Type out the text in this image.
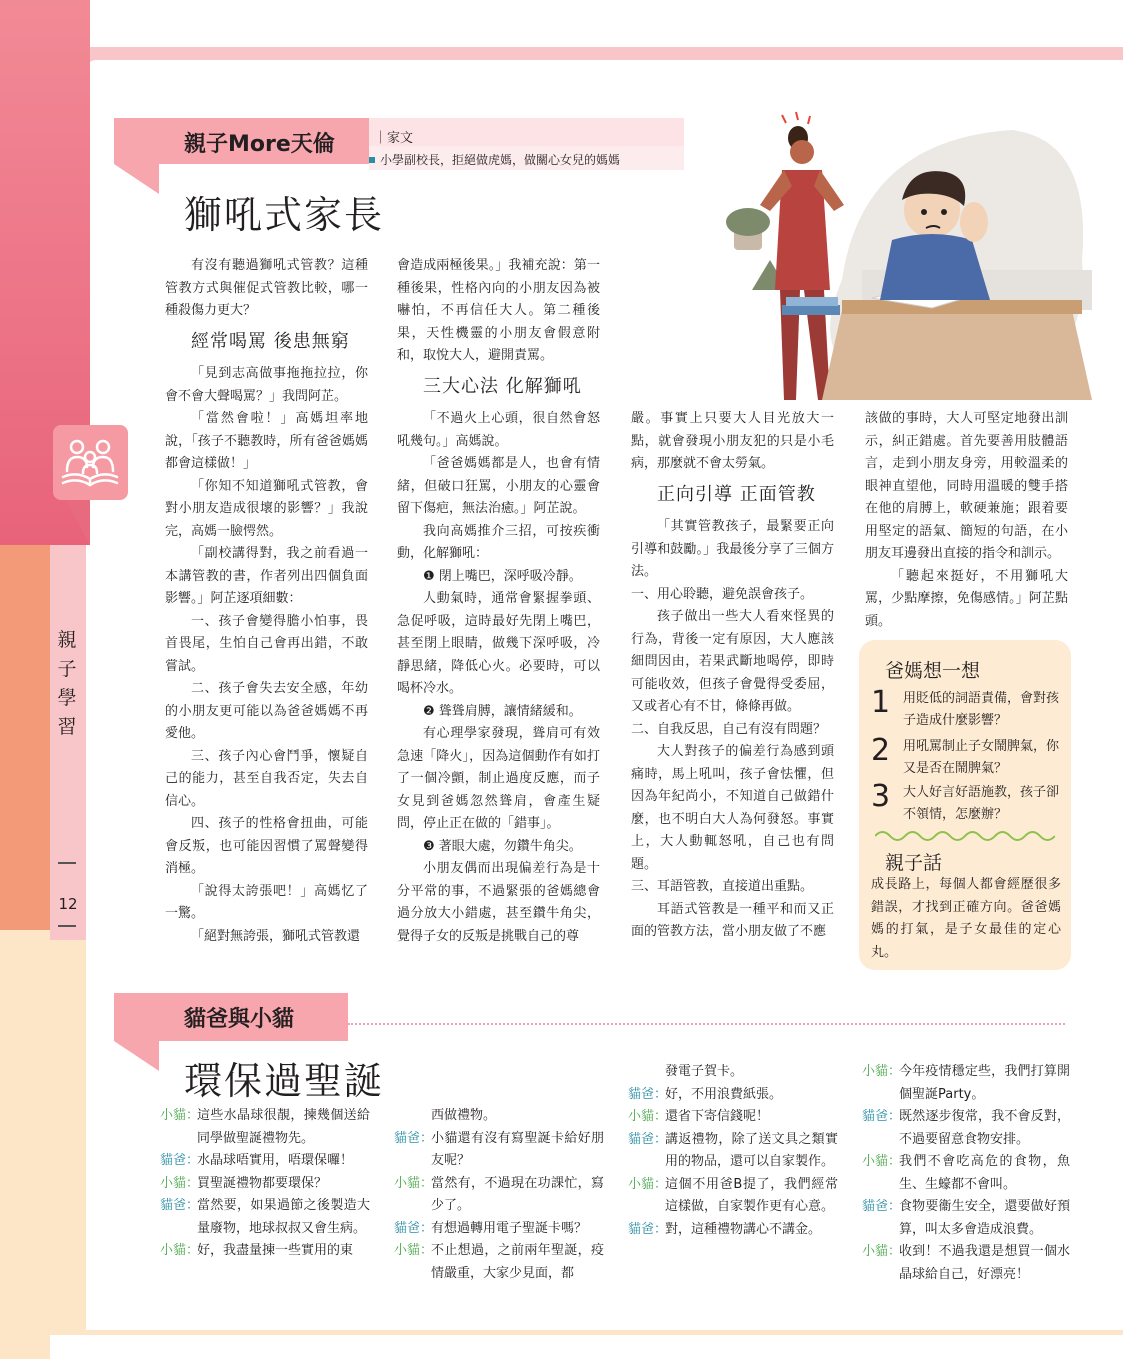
親
子
學
習
12
親子More天倫	｜家文
小學副校長，拒絕做虎媽，做關心女兒的媽媽
獅吼式家長

有沒有聽過獅吼式管教？這種管教方式與催促式管教比較，哪一種殺傷力更大？

經常喝罵 後患無窮

「見到志高做事拖拖拉拉，你會不會大聲喝罵？」我問阿芷。

「當然會啦！」高媽坦率地說，「孩子不聽教時，所有爸爸媽媽都會這樣做！」

「你知不知道獅吼式管教，會對小朋友造成很壞的影響？」我說完，高媽一臉愕然。

「副校講得對，我之前看過一本講管教的書，作者列出四個負面影響。」阿芷逐項細數：

一、孩子會變得膽小怕事，畏首畏尾，生怕自己會再出錯，不敢嘗試。

二、孩子會失去安全感，年幼的小朋友更可能以為爸爸媽媽不再愛他。

三、孩子內心會鬥爭，懷疑自己的能力，甚至自我否定，失去自信心。

四、孩子的性格會扭曲，可能會反叛，也可能因習慣了罵聲變得消極。

「說得太誇張吧！」高媽忆了一驚。

「絕對無誇張，獅吼式管教還

會造成兩極後果。」我補充說：第一種後果，性格內向的小朋友因為被嚇怕，不再信任大人。第二種後果，天性機靈的小朋友會假意附和，取悅大人，避開責罵。

三大心法 化解獅吼

「不過火上心頭，很自然會怒吼幾句。」高媽說。

「爸爸媽媽都是人，也會有情緒，但破口狂罵，小朋友的心靈會留下傷疤，無法治癒。」阿芷說。

我向高媽推介三招，可按疾衝動，化解獅吼：

❶ 閉上嘴巴，深呼吸冷靜。

人動氣時，通常會緊握拳頭、急促呼吸，這時最好先閉上嘴巴，甚至閉上眼睛，做幾下深呼吸，冷靜思緒，降低心火。必要時，可以喝杯冷水。

❷ 聳聳肩膊，讓情緒緩和。

有心理學家發現，聳肩可有效急速「降火」，因為這個動作有如打了一個冷顫，制止過度反應，而子女見到爸媽忽然聳肩，會產生疑問，停止正在做的「錯事」。

❸ 著眼大處，勿鑽牛角尖。

小朋友偶而出現偏差行為是十分平常的事，不過緊張的爸媽總會過分放大小錯處，甚至鑽牛角尖，覺得子女的反叛是挑戰自己的尊

嚴。事實上只要大人目光放大一點，就會發現小朋友犯的只是小毛病，那麼就不會太勞氣。

正向引導 正面管教

「其實管教孩子，最緊要正向引導和鼓勵。」我最後分享了三個方法。

一、用心聆聽，避免誤會孩子。

孩子做出一些大人看來怪異的行為，背後一定有原因，大人應該細問因由，若果武斷地喝停，即時可能收效，但孩子會覺得受委屈，又或者心有不甘，條條再做。

二、自我反思，自己有沒有問題？

大人對孩子的偏差行為感到頭痛時，馬上吼叫，孩子會怯懼，但因為年紀尚小，不知道自己做錯什麼，也不明白大人為何發怒。事實上，大人動輒怒吼，自己也有問題。

三、耳語管教，直接道出重點。

耳語式管教是一種平和而又正面的管教方法，當小朋友做了不應

該做的事時，大人可堅定地發出訓示，糾正錯處。首先要善用肢體語言，走到小朋友身旁，用較溫柔的眼神直望他，同時用溫暖的雙手搭在他的肩膊上，軟硬兼施；跟着要用堅定的語氣、簡短的句語，在小朋友耳邊發出直接的指令和訓示。

「聽起來挺好，不用獅吼大罵，少點摩擦，免傷感情。」阿芷點頭。

爸媽想一想
1 用貶低的詞語責備，會對孩子造成什麼影響？
2 用吼罵制止子女鬧脾氣，你又是否在鬧脾氣？
3 大人好言好語施教，孩子卻不領情，怎麼辦？
親子話
成長路上，每個人都會經歷很多錯誤，才找到正確方向。爸爸媽媽的打氣，是子女最佳的定心丸。
貓爸與小貓
環保過聖誕
小貓：
這些水晶球很靚，揀幾個送給同學做聖誕禮物先。
貓爸：
水晶球唔實用，唔環保囉！
小貓：
買聖誕禮物都要環保？
貓爸：
當然要，如果過節之後製造大量廢物，地球叔叔又會生病。
小貓：
好，我盡量揀一些實用的東
西做禮物。
貓爸：
小貓還有沒有寫聖誕卡給好朋友呢？
小貓：
當然有，不過現在功課忙，寫少了。
貓爸：
有想過轉用電子聖誕卡嗎？
小貓：
不止想過，之前兩年聖誕，疫情嚴重，大家少見面，都
發電子賀卡。
貓爸：
好，不用浪費紙張。
小貓：
還省下寄信錢呢！
貓爸：
講返禮物，除了送文具之類實用的物品，還可以自家製作。
小貓：
這個不用爸B提了，我們經常這樣做，自家製作更有心意。
貓爸：
對，這種禮物講心不講金。
小貓：
今年疫情穩定些，我們打算開個聖誕Party。
貓爸：
既然逐步復常，我不會反對，不過要留意食物安排。
小貓：
我們不會吃高危的食物，魚生、生蠔都不會叫。
貓爸：
食物要衞生安全，還要做好預算，叫太多會造成浪費。
小貓：
收到！不過我還是想買一個水晶球給自己，好漂亮！
